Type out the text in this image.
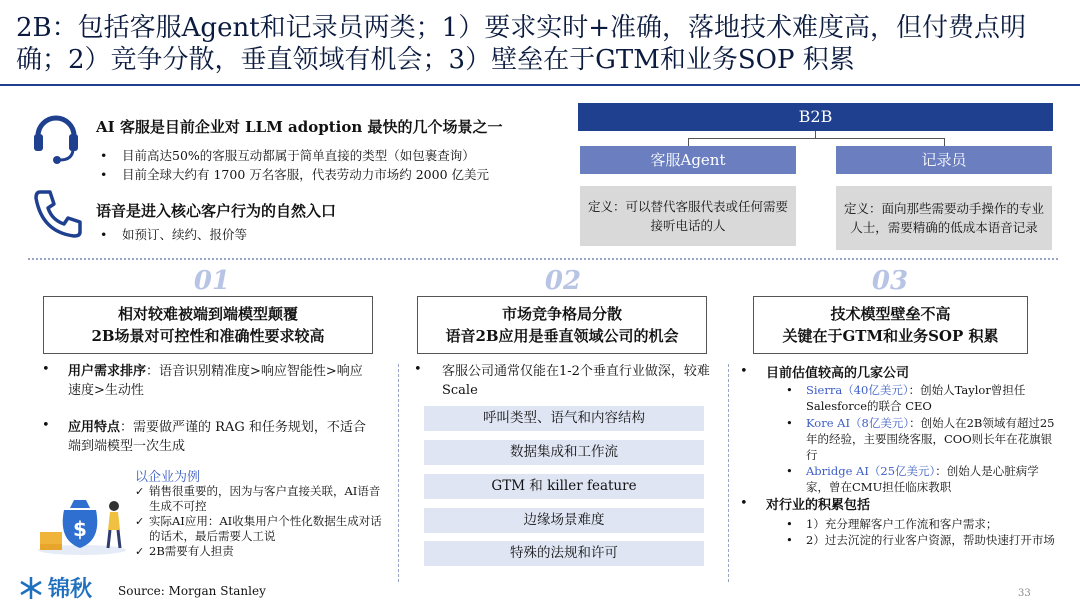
2B：包括客服Agent和记录员两类；1）要求实时+准确，落地技术难度高，但付费点明确；2）竞争分散，垂直领域有机会；3）壁垒在于GTM和业务SOP 积累
AI 客服是目前企业对 LLM adoption 最快的几个场景之一
• 目前高达50%的客服互动都属于简单直接的类型（如包裹查询）
• 目前全球大约有 1700 万名客服，代表劳动力市场约 2000 亿美元
语音是进入核心客户行为的自然入口
• 如预订、续约、报价等
B2B
客服Agent	记录员
定义：可以替代客服代表或任何需要接听电话的人
定义：面向那些需要动手操作的专业人士，需要精确的低成本语音记录
01	02	03
相对较难被端到端模型颠覆
2B场景对可控性和准确性要求较高
市场竞争格局分散
语音2B应用是垂直领域公司的机会
技术模型壁垒不高
关键在于GTM和业务SOP 积累
• 用户需求排序：语音识别精准度>响应智能性>响应速度>生动性
• 应用特点：需要做严谨的 RAG 和任务规划，不适合端到端模型一次生成
$
以企业为例
✓ 销售很重要的，因为与客户直接关联，AI语音生成不可控
✓ 实际AI应用：AI收集用户个性化数据生成对话的话术，最后需要人工说
✓ 2B需要有人担责
• 客服公司通常仅能在1-2个垂直行业做深，较难 Scale
呼叫类型、语气和内容结构
数据集成和工作流
GTM 和 killer feature
边缘场景难度
特殊的法规和许可
• 目前估值较高的几家公司
• Sierra（40亿美元）：创始人Taylor曾担任Salesforce的联合 CEO
• Kore AI（8亿美元）：创始人在2B领域有超过25年的经验，主要围绕客服，COO则长年在花旗银行
• Abridge AI（25亿美元）：创始人是心脏病学家，曾在CMU担任临床教职
• 对行业的积累包括
• 1）充分理解客户工作流和客户需求；
• 2）过去沉淀的行业客户资源，帮助快速打开市场
锦秋 Source: Morgan Stanley	33
